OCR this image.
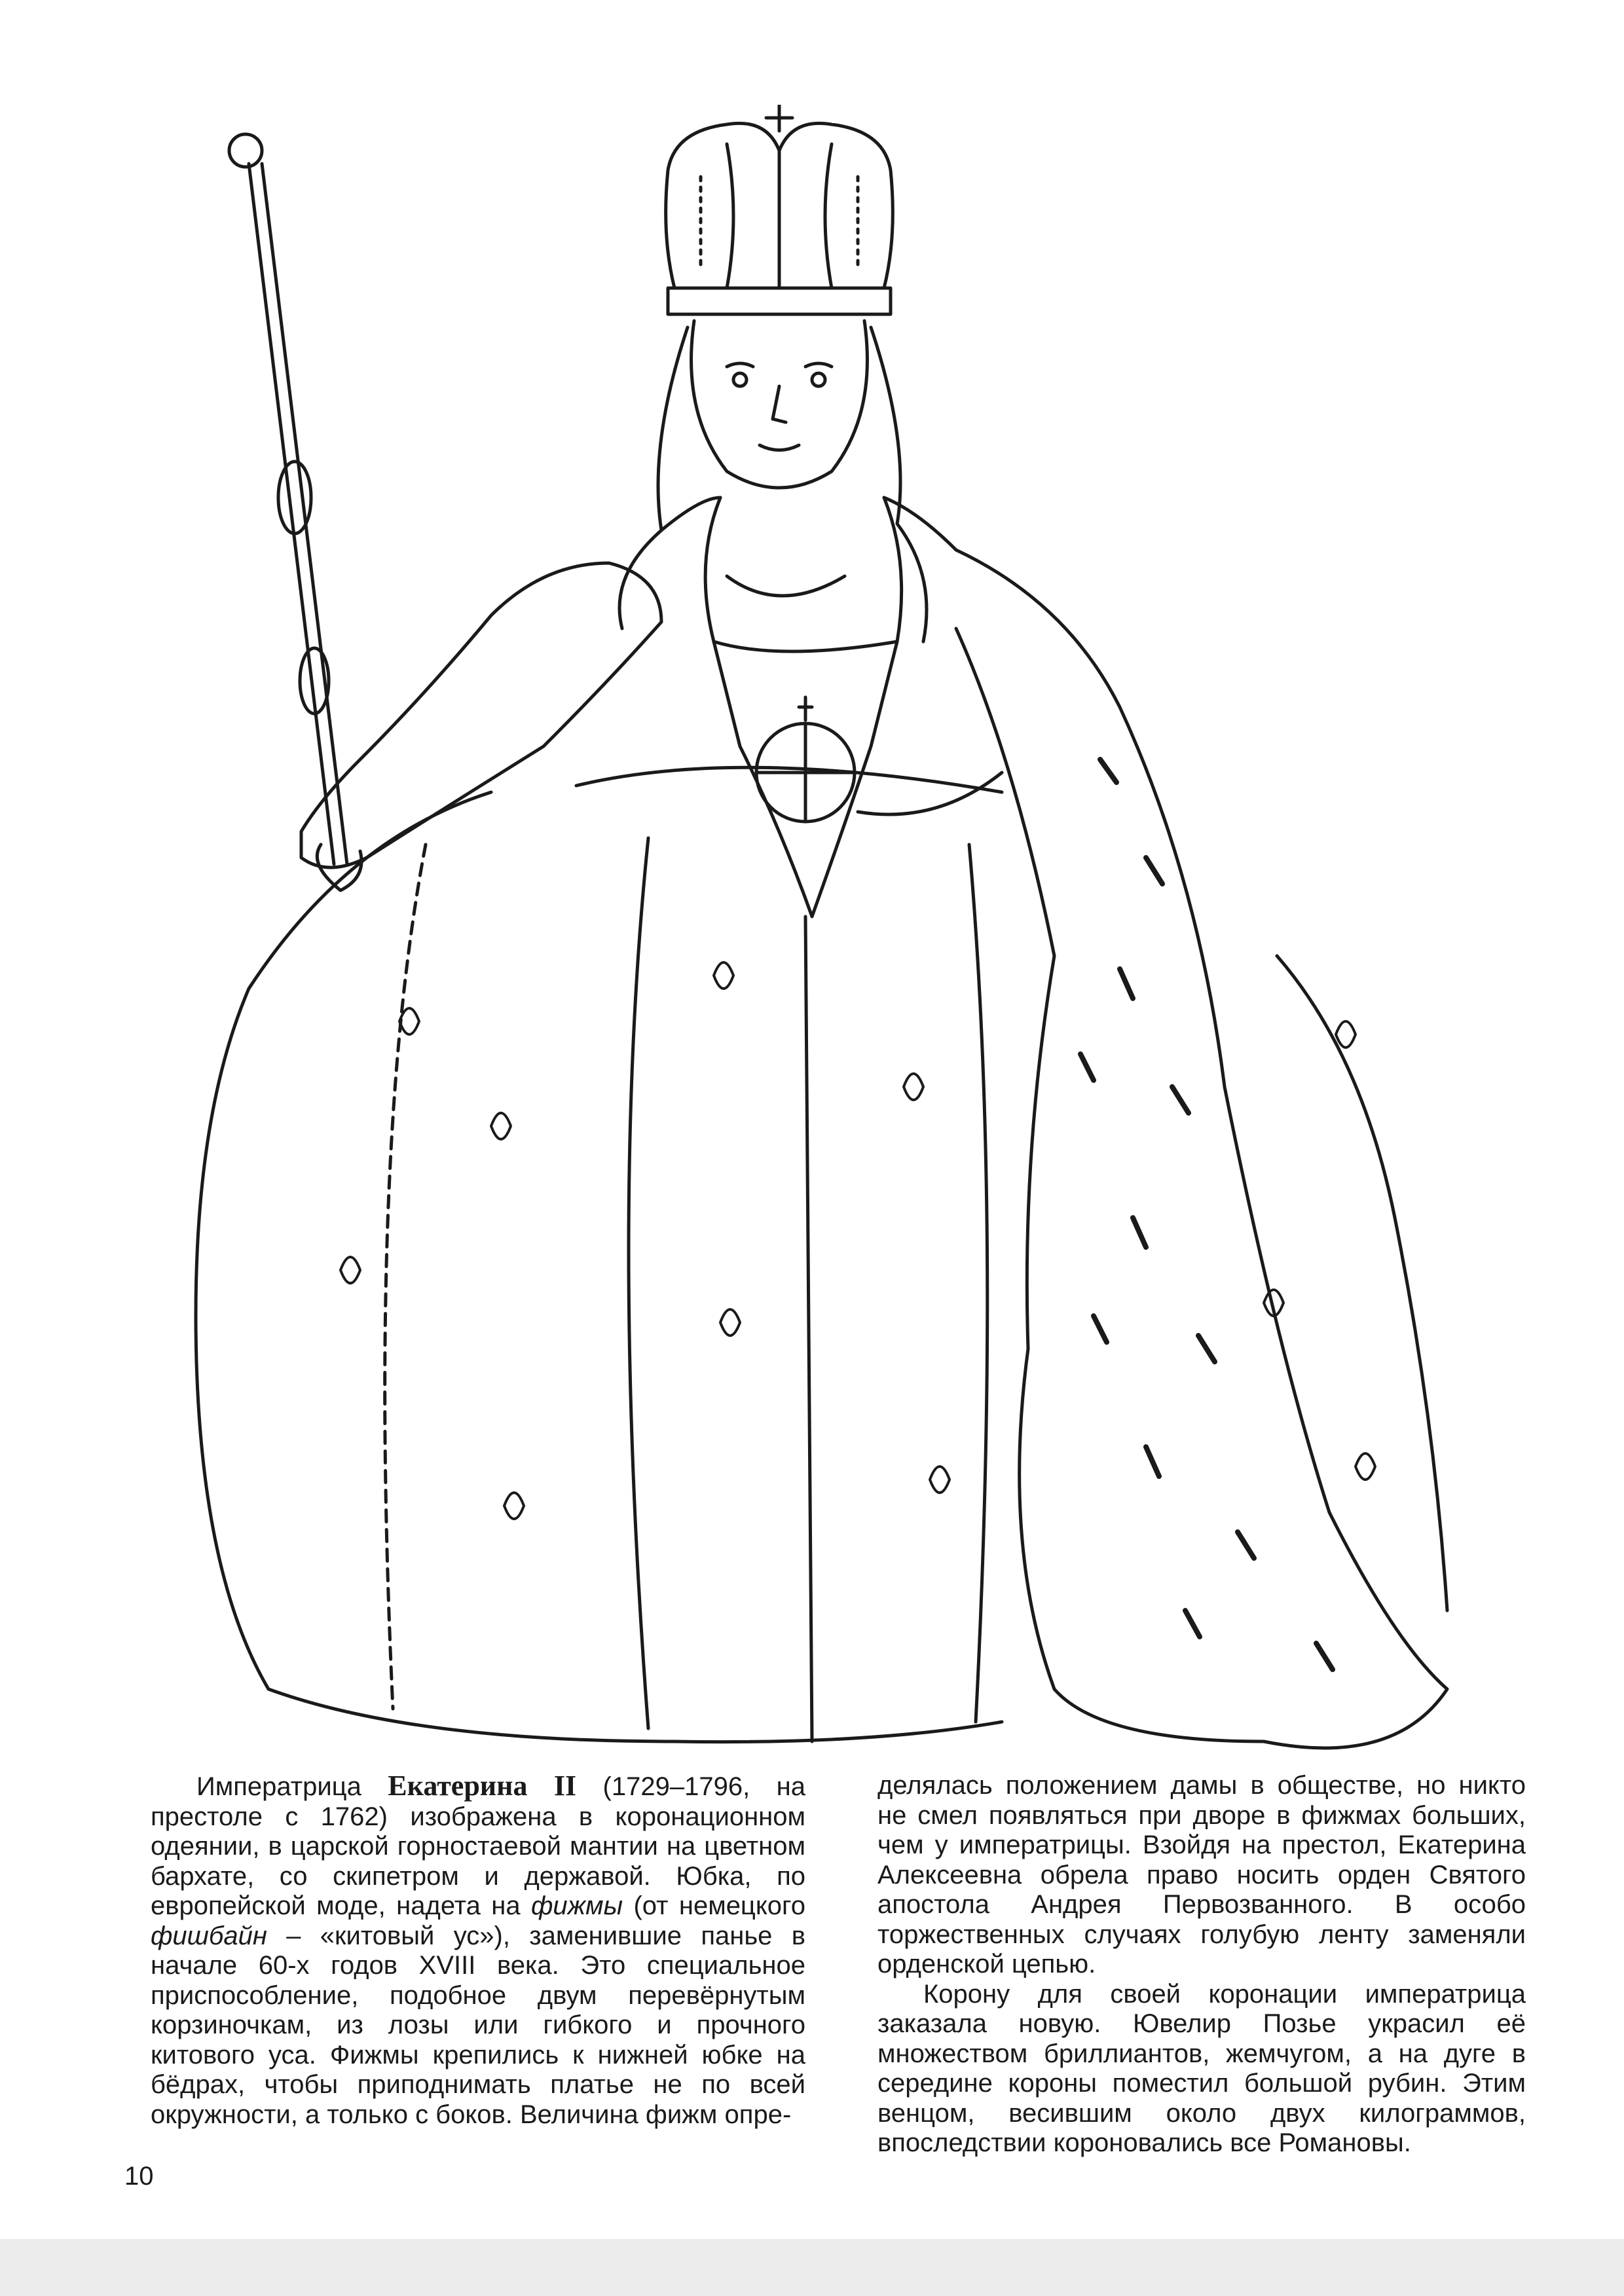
Императрица Екатерина II (1729–1796, на престоле с 1762) изображена в коронационном одеянии, в царской горностаевой мантии на цветном бархате, со скипетром и державой. Юбка, по европейской моде, надета на фижмы (от немецкого фишбайн – «китовый ус»), заменившие панье в начале 60-х годов XVIII века. Это специальное приспособление, подобное двум перевёрнутым корзиночкам, из лозы или гибкого и прочного китового уса. Фижмы крепились к нижней юбке на бёдрах, чтобы приподнимать платье не по всей окружности, а только с боков. Величина фижм опре-

делялась положением дамы в обществе, но никто не смел появляться при дворе в фижмах больших, чем у императрицы. Взойдя на престол, Екатерина Алексеевна обрела право носить орден Святого апостола Андрея Первозванного. В особо торжественных случаях голубую ленту заменяли орденской цепью.

Корону для своей коронации императрица заказала новую. Ювелир Позье украсил её множеством бриллиантов, жемчугом, а на дуге в середине короны поместил большой рубин. Этим венцом, весившим около двух килограммов, впоследствии короновались все Романовы.

10
